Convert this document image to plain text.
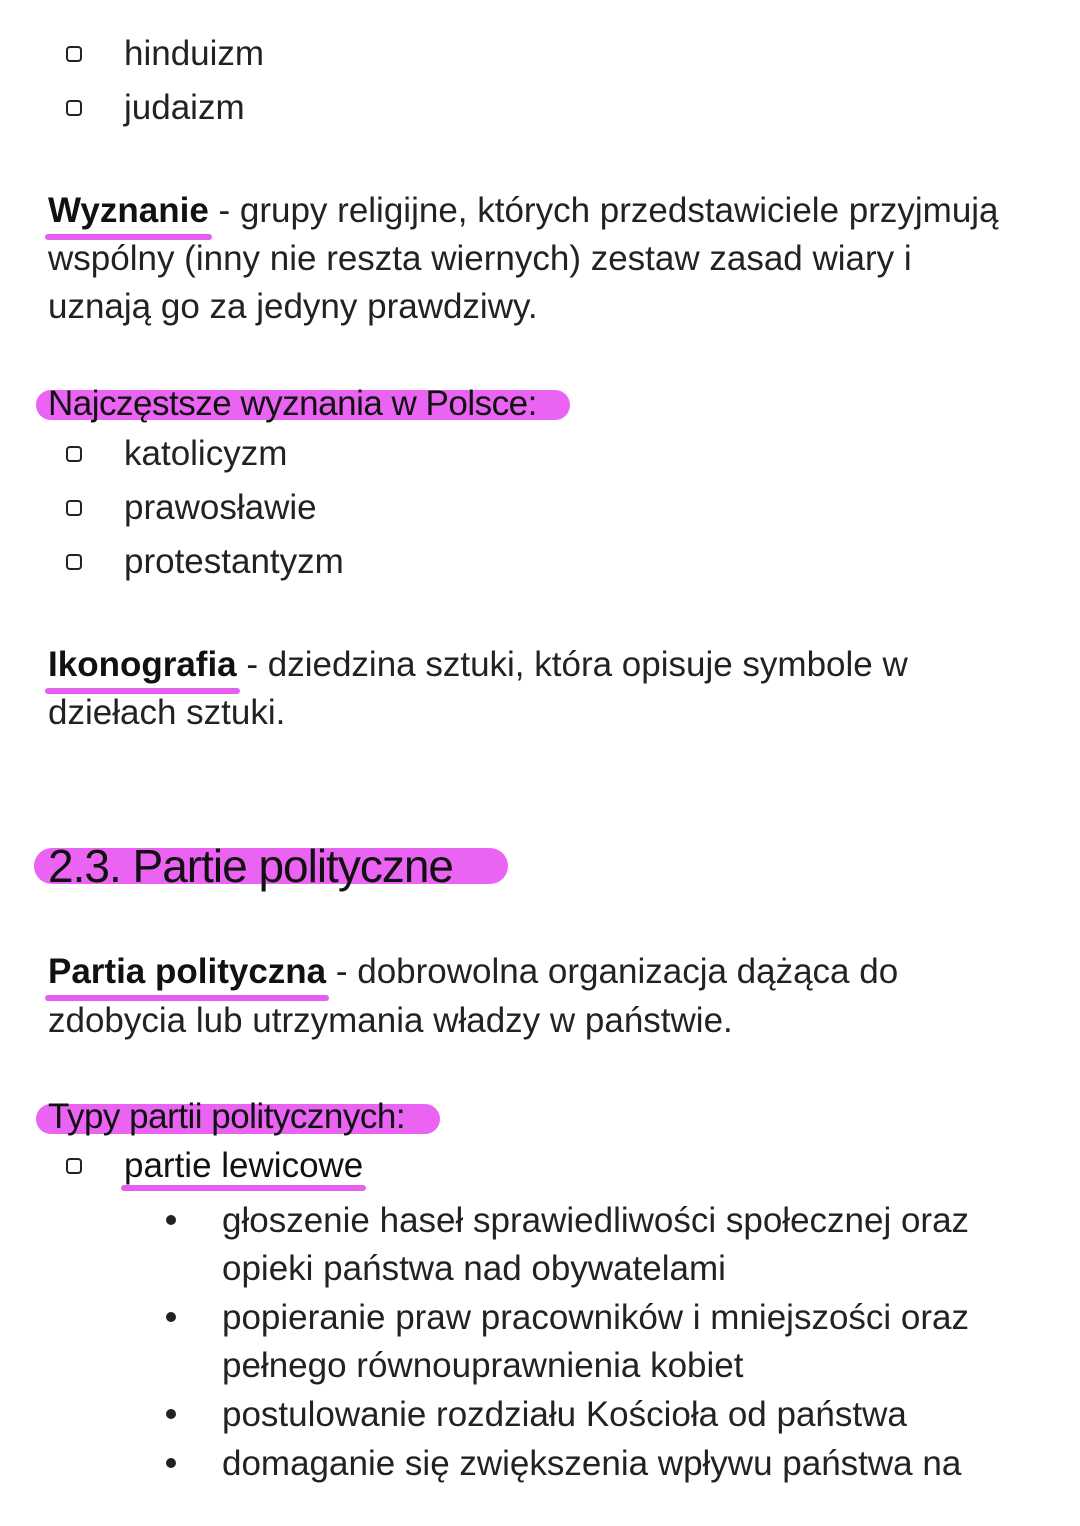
hinduizm
judaizm
Wyznanie - grupy religijne, których przedstawiciele przyjmują
wspólny (inny nie reszta wiernych) zestaw zasad wiary i
uznają go za jedyny prawdziwy.
Najczęstsze wyznania w Polsce:
katolicyzm
prawosławie
protestantyzm
Ikonografia - dziedzina sztuki, która opisuje symbole w
dziełach sztuki.
2.3. Partie polityczne
Partia polityczna - dobrowolna organizacja dążąca do
zdobycia lub utrzymania władzy w państwie.
Typy partii politycznych:
partie lewicowe
głoszenie haseł sprawiedliwości społecznej oraz
opieki państwa nad obywatelami
popieranie praw pracowników i mniejszości oraz
pełnego równouprawnienia kobiet
postulowanie rozdziału Kościoła od państwa
domaganie się zwiększenia wpływu państwa na
